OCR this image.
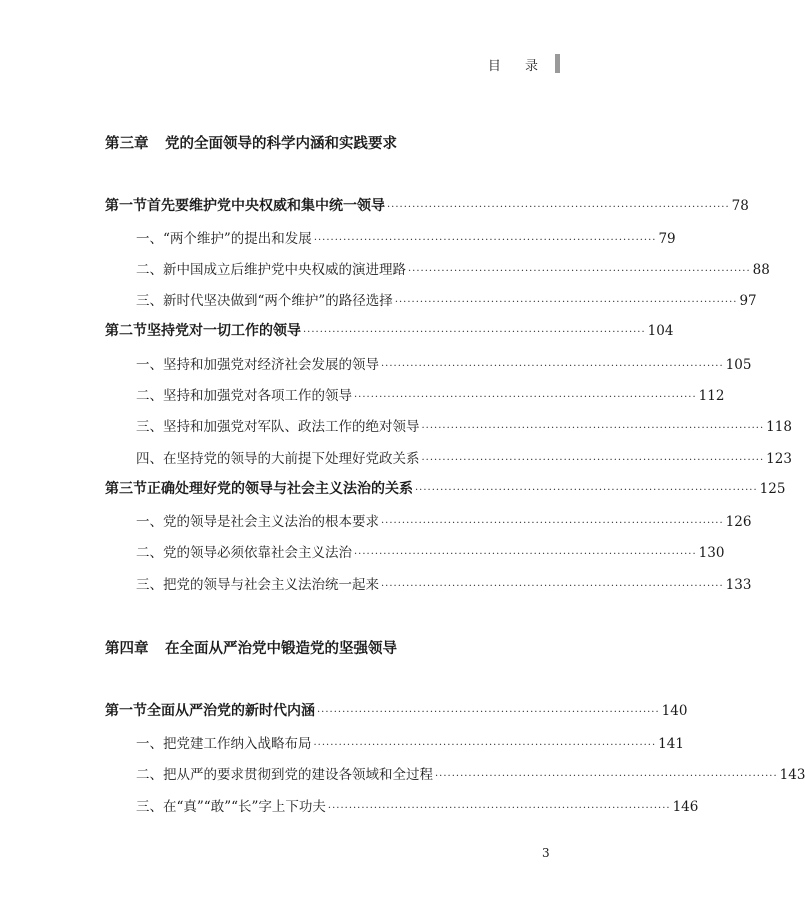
目 录
第三章 党的全面领导的科学内涵和实践要求
第一节 首先要维护党中央权威和集中统一领导 ·················································································· 78
一、“两个维护”的提出和发展 ·················································································· 79
二、新中国成立后维护党中央权威的演进理路 ·················································································· 88
三、新时代坚决做到“两个维护”的路径选择 ·················································································· 97
第二节 坚持党对一切工作的领导 ·················································································· 104
一、坚持和加强党对经济社会发展的领导 ·················································································· 105
二、坚持和加强党对各项工作的领导 ·················································································· 112
三、坚持和加强党对军队、政法工作的绝对领导 ·················································································· 118
四、在坚持党的领导的大前提下处理好党政关系 ·················································································· 123
第三节 正确处理好党的领导与社会主义法治的关系 ·················································································· 125
一、党的领导是社会主义法治的根本要求 ·················································································· 126
二、党的领导必须依靠社会主义法治 ·················································································· 130
三、把党的领导与社会主义法治统一起来 ·················································································· 133
第四章 在全面从严治党中锻造党的坚强领导
第一节 全面从严治党的新时代内涵 ·················································································· 140
一、把党建工作纳入战略布局 ·················································································· 141
二、把从严的要求贯彻到党的建设各领域和全过程 ·················································································· 143
三、在“真”“敢”“长”字上下功夫 ·················································································· 146
3
